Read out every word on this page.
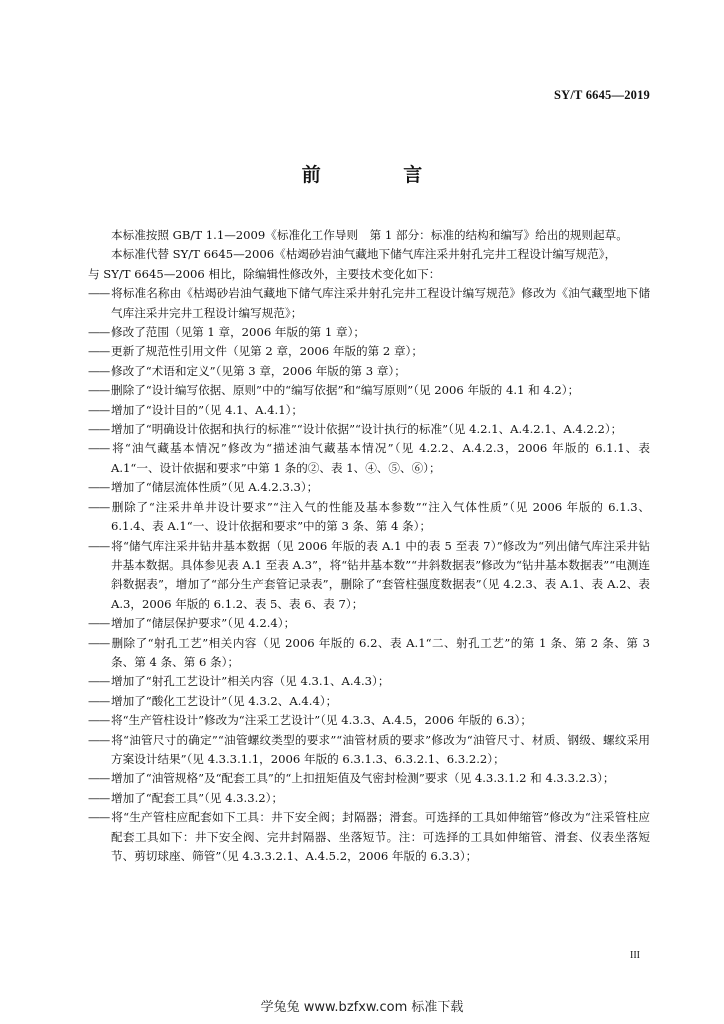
SY/T 6645—2019
前 言

本标准按照 GB/T 1.1—2009《标准化工作导则　第 1 部分：标准的结构和编写》给出的规则起草。

本标准代替 SY/T 6645—2006《枯竭砂岩油气藏地下储气库注采井射孔完井工程设计编写规范》，

与 SY/T 6645—2006 相比，除编辑性修改外，主要技术变化如下：

—— 将标准名称由《枯竭砂岩油气藏地下储气库注采井射孔完井工程设计编写规范》修改为《油气藏型地下储气库注采井完井工程设计编写规范》；

—— 修改了范围（见第 1 章，2006 年版的第 1 章）；

—— 更新了规范性引用文件（见第 2 章，2006 年版的第 2 章）；

—— 修改了“术语和定义”（见第 3 章，2006 年版的第 3 章）；

—— 删除了“设计编写依据、原则”中的“编写依据”和“编写原则”（见 2006 年版的 4.1 和 4.2）；

—— 增加了“设计目的”（见 4.1、A.4.1）；

—— 增加了“明确设计依据和执行的标准”“设计依据”“设计执行的标准”（见 4.2.1、A.4.2.1、A.4.2.2）；

—— 将“油气藏基本情况”修改为“描述油气藏基本情况”（见 4.2.2、A.4.2.3，2006 年版的 6.1.1、表 A.1“一、设计依据和要求”中第 1 条的②、表 1、④、⑤、⑥）；

—— 增加了“储层流体性质”（见 A.4.2.3.3）；

—— 删除了“注采井单井设计要求”“注入气的性能及基本参数”“注入气体性质”（见 2006 年版的 6.1.3、6.1.4、表 A.1“一、设计依据和要求”中的第 3 条、第 4 条）；

—— 将“储气库注采井钻井基本数据（见 2006 年版的表 A.1 中的表 5 至表 7）”修改为“列出储气库注采井钻井基本数据。具体参见表 A.1 至表 A.3”，将“钻井基本数”“井斜数据表”修改为“钻井基本数据表”“电测连斜数据表”，增加了“部分生产套管记录表”，删除了“套管柱强度数据表”（见 4.2.3、表 A.1、表 A.2、表 A.3，2006 年版的 6.1.2、表 5、表 6、表 7）；

—— 增加了“储层保护要求”（见 4.2.4）；

—— 删除了“射孔工艺”相关内容（见 2006 年版的 6.2、表 A.1“二、射孔工艺”的第 1 条、第 2 条、第 3 条、第 4 条、第 6 条）；

—— 增加了“射孔工艺设计”相关内容（见 4.3.1、A.4.3）；

—— 增加了“酸化工艺设计”（见 4.3.2、A.4.4）；

—— 将“生产管柱设计”修改为“注采工艺设计”（见 4.3.3、A.4.5，2006 年版的 6.3）；

—— 将“油管尺寸的确定”“油管螺纹类型的要求”“油管材质的要求”修改为“油管尺寸、材质、钢级、螺纹采用方案设计结果”（见 4.3.3.1.1，2006 年版的 6.3.1.3、6.3.2.1、6.3.2.2）；

—— 增加了“油管规格”及“配套工具”的“上扣扭矩值及气密封检测”要求（见 4.3.3.1.2 和 4.3.3.2.3）；

—— 增加了“配套工具”（见 4.3.3.2）；

—— 将“生产管柱应配套如下工具：井下安全阀；封隔器；滑套。可选择的工具如伸缩管”修改为“注采管柱应配套工具如下：井下安全阀、完井封隔器、坐落短节。注：可选择的工具如伸缩管、滑套、仪表坐落短节、剪切球座、筛管”（见 4.3.3.2.1、A.4.5.2，2006 年版的 6.3.3）；

III
学兔兔 www.bzfxw.com 标准下载
